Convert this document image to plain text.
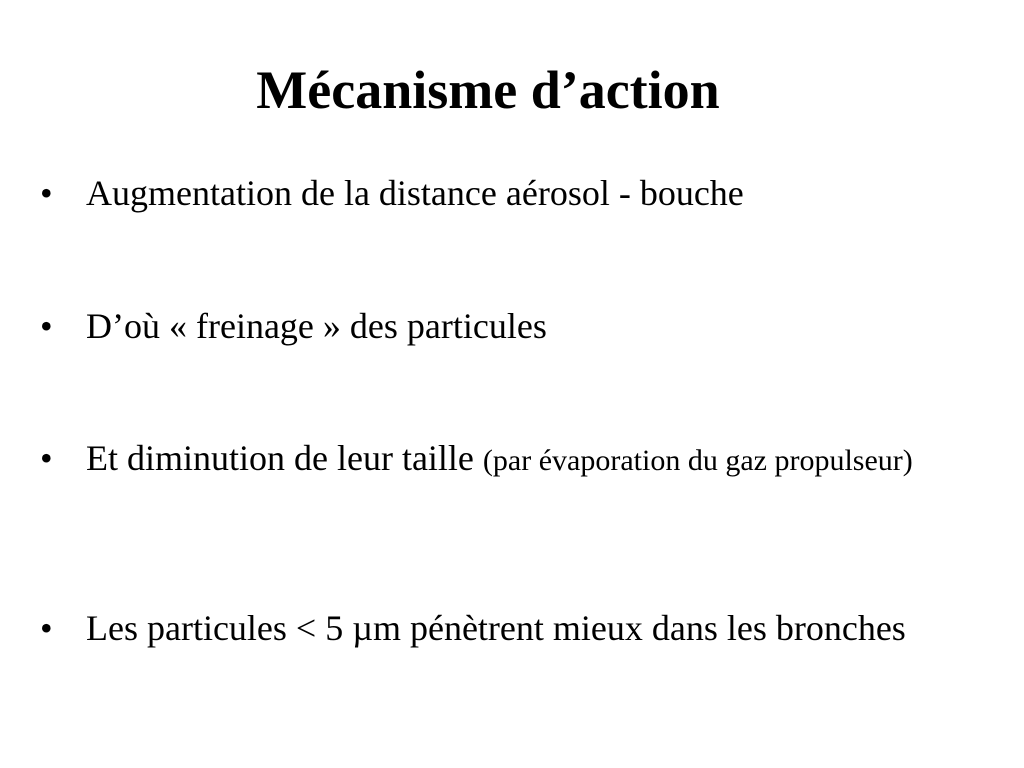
Mécanisme d’action
• Augmentation de la distance aérosol - bouche
• D’où « freinage » des particules
• Et diminution de leur taille (par évaporation du gaz propulseur)
• Les particules < 5 µm pénètrent mieux dans les bronches
